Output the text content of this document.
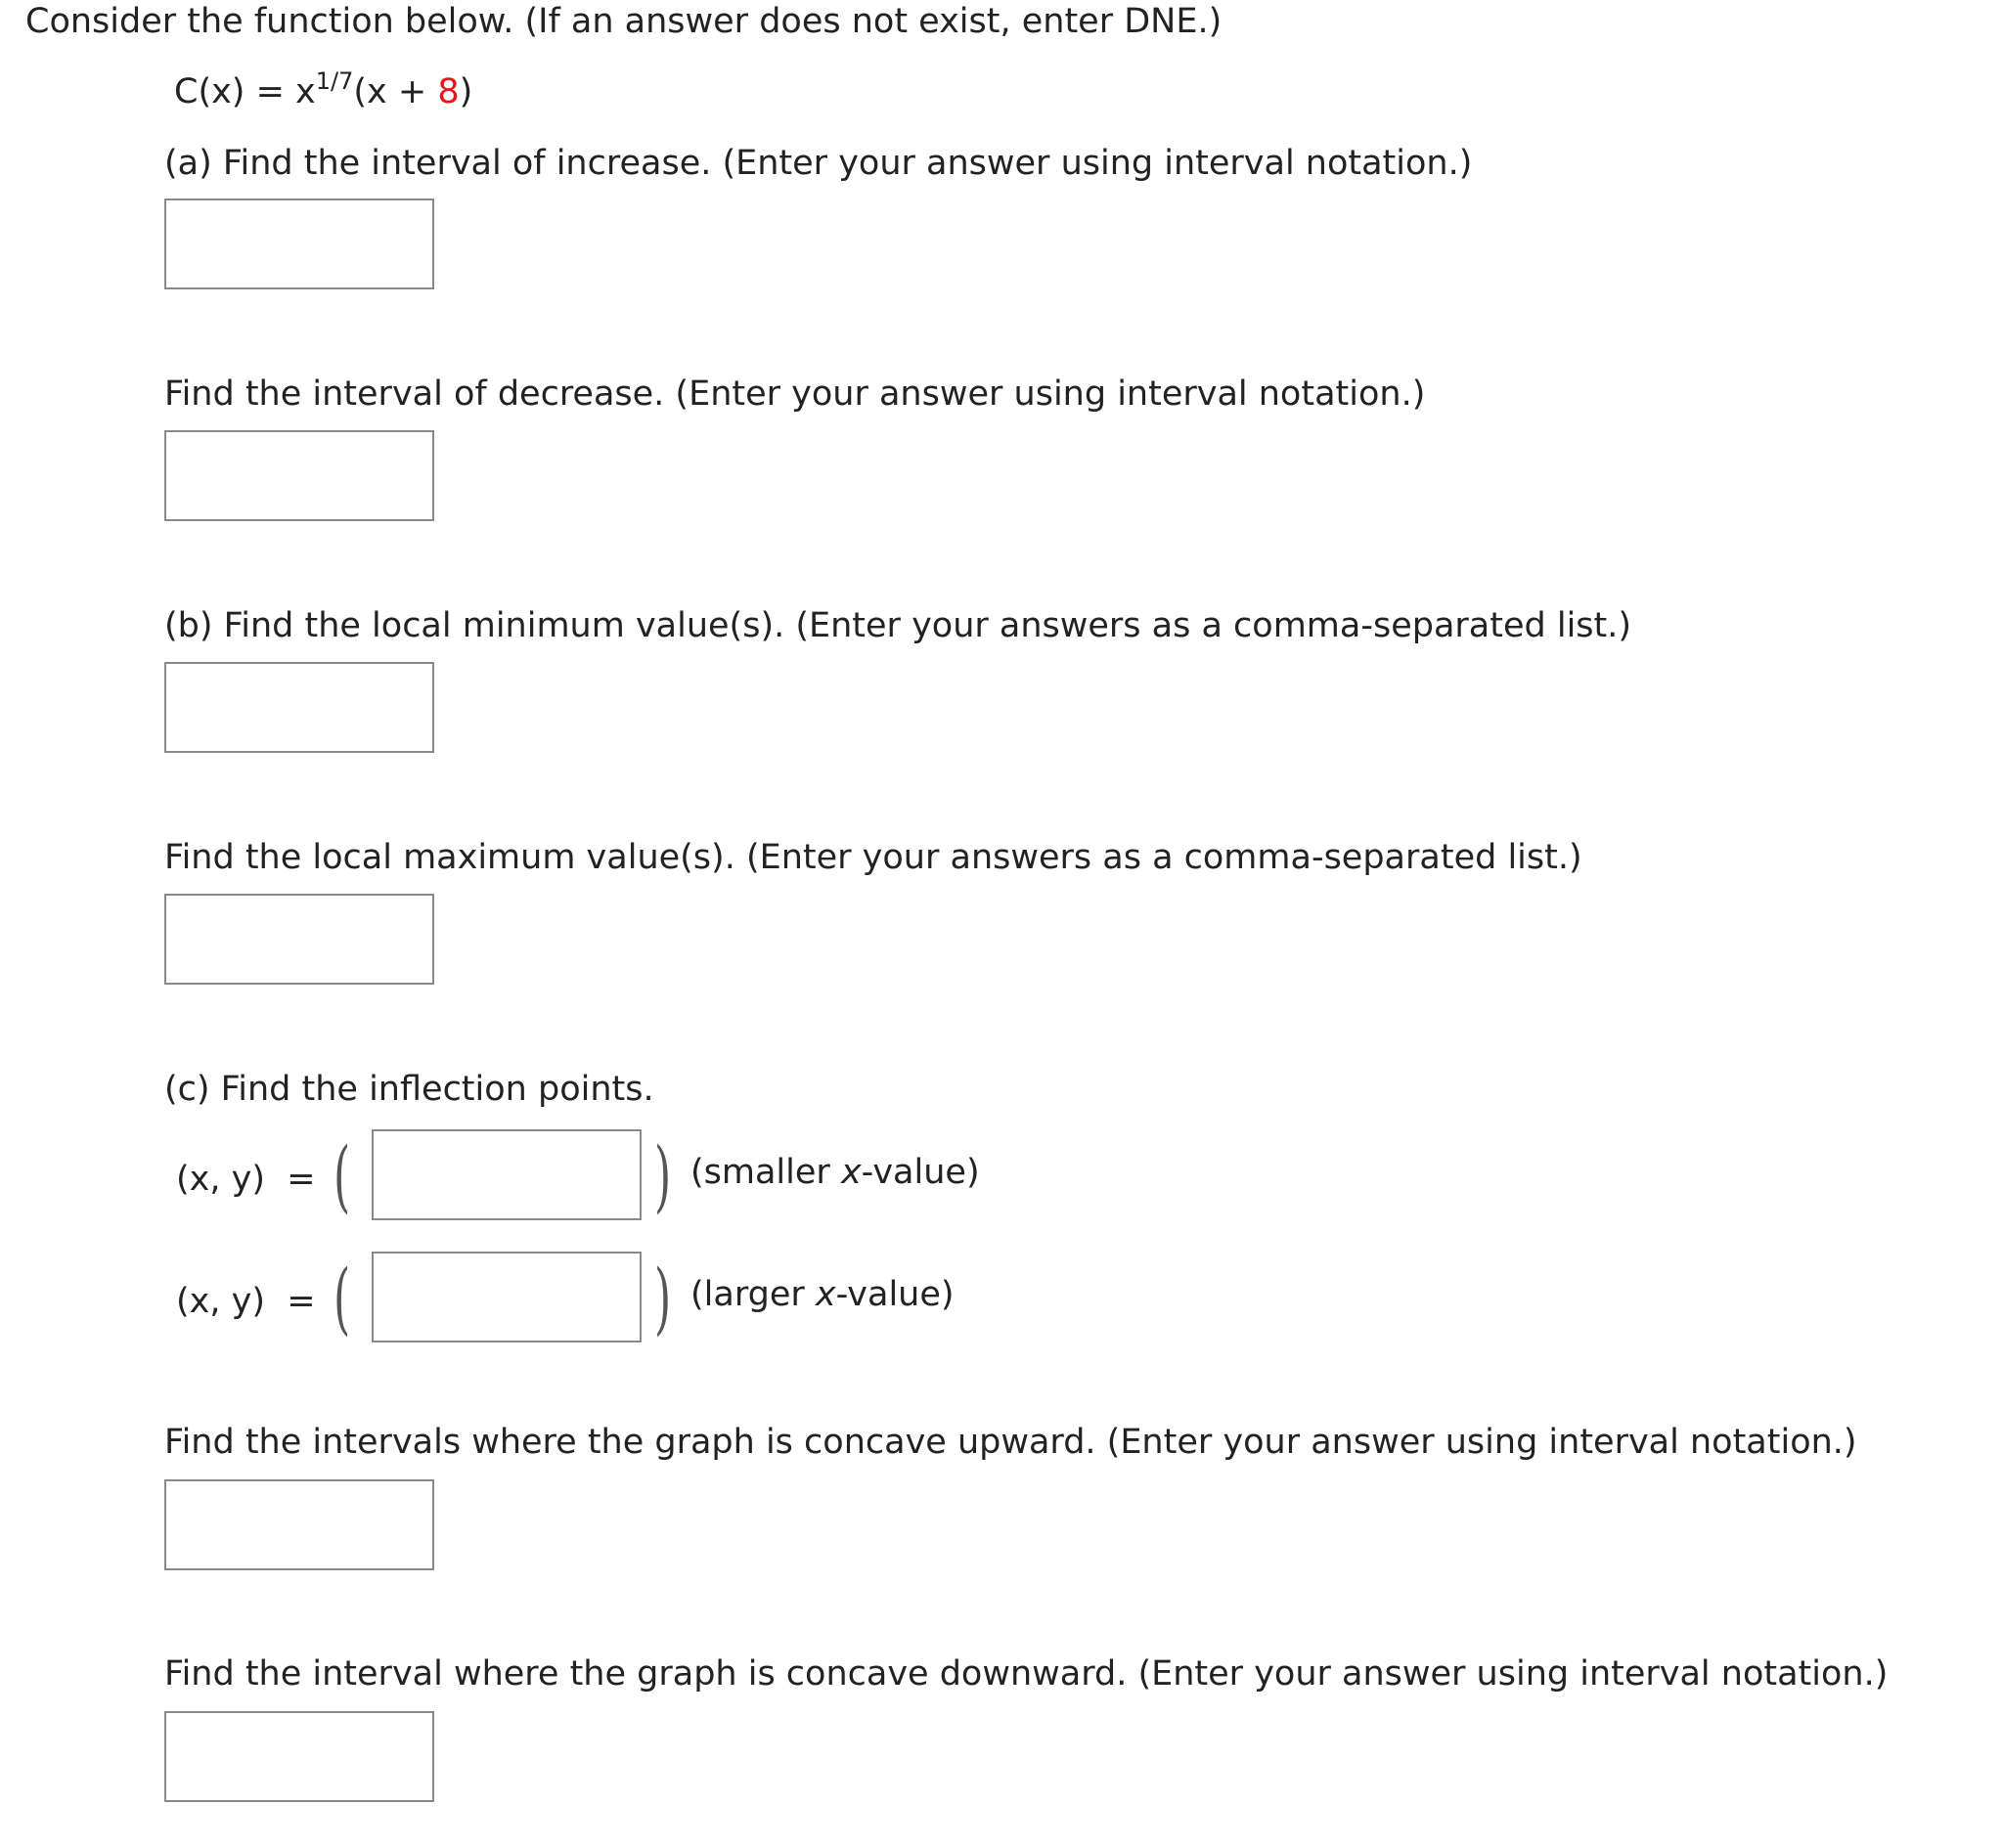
Consider the function below. (If an answer does not exist, enter DNE.)
$C(x) = x^{1/7}(x + 8)$
(a) Find the interval of increase. (Enter your answer using interval notation.)
Find the interval of decrease. (Enter your answer using interval notation.)
(b) Find the local minimum value(s). (Enter your answers as a comma-separated list.)
Find the local maximum value(s). (Enter your answers as a comma-separated list.)
(c) Find the inflection points.
(x, y) = (	) (smaller x-value)
(x, y) = (	) (larger x-value)
Find the intervals where the graph is concave upward. (Enter your answer using interval notation.)
Find the interval where the graph is concave downward. (Enter your answer using interval notation.)
